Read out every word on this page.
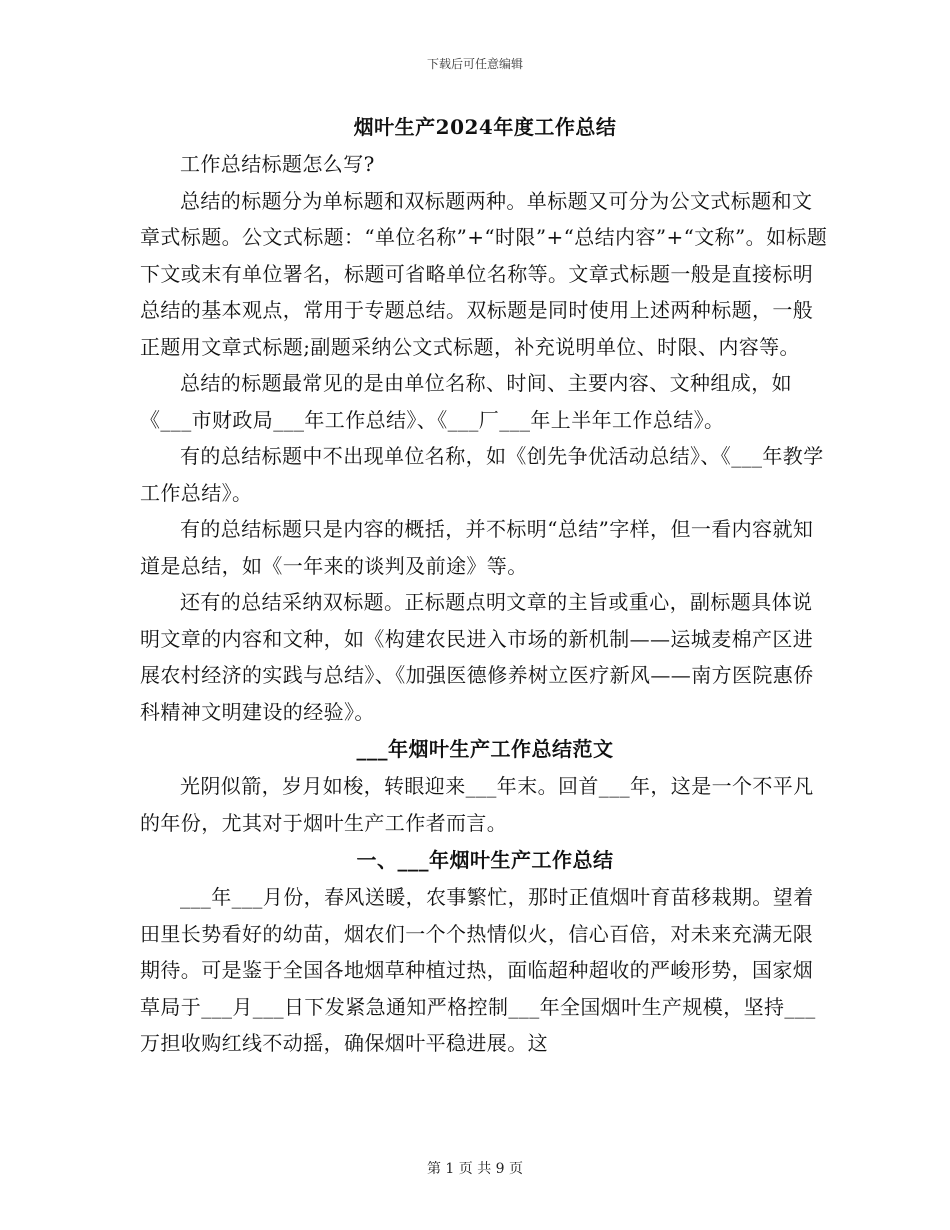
下载后可任意编辑
烟叶生产2024年度工作总结

工作总结标题怎么写?

总结的标题分为单标题和双标题两种。单标题又可分为公文式标题和文章式标题。公文式标题：“单位名称”+“时限”+“总结内容”+“文称”。如标题下文或末有单位署名，标题可省略单位名称等。文章式标题一般是直接标明总结的基本观点，常用于专题总结。双标题是同时使用上述两种标题，一般正题用文章式标题;副题采纳公文式标题，补充说明单位、时限、内容等。

总结的标题最常见的是由单位名称、时间、主要内容、文种组成，如《___市财政局___年工作总结》、《___厂___年上半年工作总结》。

有的总结标题中不出现单位名称，如《创先争优活动总结》、《___年教学工作总结》。

有的总结标题只是内容的概括，并不标明“总结”字样，但一看内容就知道是总结，如《一年来的谈判及前途》等。

还有的总结采纳双标题。正标题点明文章的主旨或重心，副标题具体说明文章的内容和文种，如《构建农民进入市场的新机制——运城麦棉产区进展农村经济的实践与总结》、《加强医德修养树立医疗新风——南方医院惠侨科精神文明建设的经验》。

___年烟叶生产工作总结范文

光阴似箭，岁月如梭，转眼迎来___年末。回首___年，这是一个不平凡的年份，尤其对于烟叶生产工作者而言。

一、___年烟叶生产工作总结

___年___月份，春风送暖，农事繁忙，那时正值烟叶育苗移栽期。望着田里长势看好的幼苗，烟农们一个个热情似火，信心百倍，对未来充满无限期待。可是鉴于全国各地烟草种植过热，面临超种超收的严峻形势，国家烟草局于___月___日下发紧急通知严格控制___年全国烟叶生产规模，坚持___万担收购红线不动摇，确保烟叶平稳进展。这

第 1 页 共 9 页
